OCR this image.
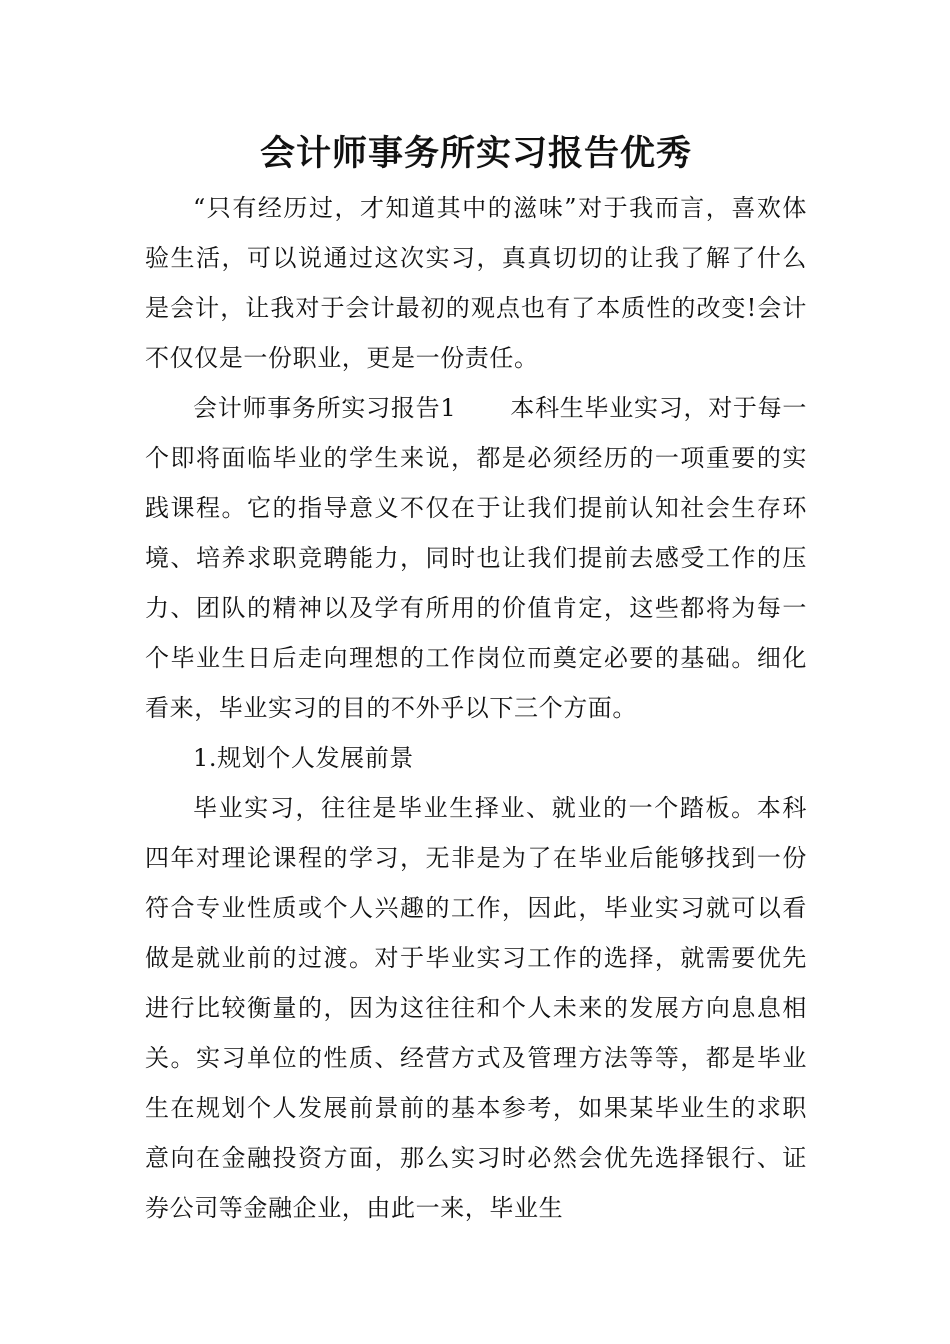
会计师事务所实习报告优秀

“只有经历过，才知道其中的滋味”对于我而言，喜欢体验生活，可以说通过这次实习，真真切切的让我了解了什么是会计，让我对于会计最初的观点也有了本质性的改变!会计不仅仅是一份职业，更是一份责任。

会计师事务所实习报告1 本科生毕业实习，对于每一个即将面临毕业的学生来说，都是必须经历的一项重要的实践课程。它的指导意义不仅在于让我们提前认知社会生存环境、培养求职竞聘能力，同时也让我们提前去感受工作的压力、团队的精神以及学有所用的价值肯定，这些都将为每一个毕业生日后走向理想的工作岗位而奠定必要的基础。细化看来，毕业实习的目的不外乎以下三个方面。

1.规划个人发展前景

毕业实习，往往是毕业生择业、就业的一个踏板。本科四年对理论课程的学习，无非是为了在毕业后能够找到一份符合专业性质或个人兴趣的工作，因此，毕业实习就可以看做是就业前的过渡。对于毕业实习工作的选择，就需要优先进行比较衡量的，因为这往往和个人未来的发展方向息息相关。实习单位的性质、经营方式及管理方法等等，都是毕业生在规划个人发展前景前的基本参考，如果某毕业生的求职意向在金融投资方面，那么实习时必然会优先选择银行、证券公司等金融企业，由此一来，毕业生
